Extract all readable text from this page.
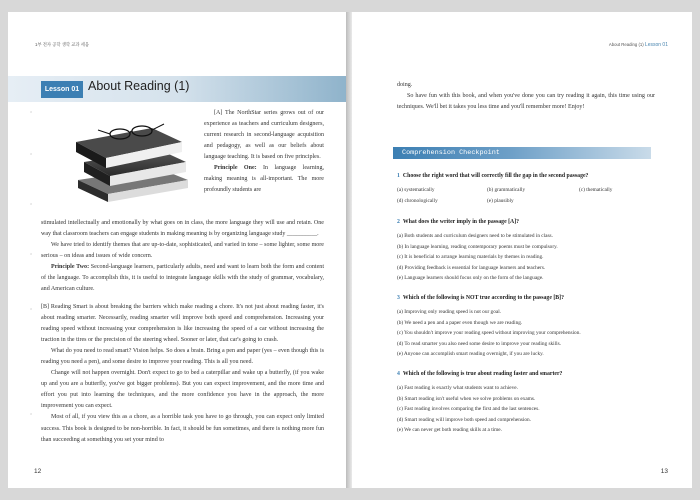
1부 전자 공학 생학 교과 세움
Lesson 01 About Reading (1)
○
○
○
○
○
○

[A] The NorthStar series grows out of our experience as teachers and curriculum designers, current research in second-language acquisition and pedagogy, as well as our beliefs about language teaching. It is based on five principles.

Principle One: In language learning, making meaning is all-important. The more profoundly students are

stimulated intellectually and emotionally by what goes on in class, the more language they will use and retain. One way that classroom teachers can engage students in making meaning is by organizing language study __________.

We have tried to identify themes that are up-to-date, sophisticated, and varied in tone – some lighter, some more serious – on ideas and issues of wide concern.

Principle Two: Second-language learners, particularly adults, need and want to learn both the form and content of the language. To accomplish this, it is useful to integrate language skills with the study of grammar, vocabulary, and American culture.

[B] Reading Smart is about breaking the barriers which make reading a chore. It's not just about reading faster, it's about reading smarter. Necessarily, reading smarter will improve both speed and comprehension. Increasing your reading speed without increasing your comprehension is like increasing the speed of a car without increasing the traction in the tires or the precision of the steering wheel. Sooner or later, that car's going to crash.

What do you need to read smart? Vision helps. So does a brain. Bring a pen and paper (yes – even though this is reading you need a pen), and some desire to improve your reading. This is all you need.

Change will not happen overnight. Don't expect to go to bed a caterpillar and wake up a butterfly, (if you wake up and you are a butterfly, you've got bigger problems). But you can expect improvement, and the more time and effort you put into learning the techniques, and the more confidence you have in the approach, the more improvement you can expect.

Most of all, if you view this as a chore, as a horrible task you have to go through, you can expect only limited success. This book is designed to be non-horrible. In fact, it should be fun sometimes, and there is nothing more fun than succeeding at something you set your mind to

12
About Reading (1) Lesson 01

doing.

So have fun with this book, and when you've done you can try reading it again, this time using our techniques. We'll bet it takes you less time and you'll remember more! Enjoy!

Comprehension Checkpoint
1 Choose the right word that will correctly fill the gap in the second passage?
(a) systematically	(b) grammatically	(c) thematically
(d) chronologically	(e) plausibly
2 What does the writer imply in the passage [A]?
(a) Both students and curriculum designers need to be stimulated in class.
(b) In language learning, reading contemporary poems must be compulsory.
(c) It is beneficial to arrange learning materials by themes in reading.
(d) Providing feedback is essential for language learners and teachers.
(e) Language learners should focus only on the form of the language.
3 Which of the following is NOT true according to the passage [B]?
(a) Improving only reading speed is not our goal.
(b) We need a pen and a paper even though we are reading.
(c) You shouldn't improve your reading speed without improving your comprehension.
(d) To read smarter you also need some desire to improve your reading skills.
(e) Anyone can accomplish smart reading overnight, if you are lucky.
4 Which of the following is true about reading faster and smarter?
(a) Fast reading is exactly what students want to achieve.
(b) Smart reading isn't useful when we solve problems on exams.
(c) Fast reading involves comparing the first and the last sentences.
(d) Smart reading will improve both speed and comprehension.
(e) We can never get both reading skills at a time.
13
